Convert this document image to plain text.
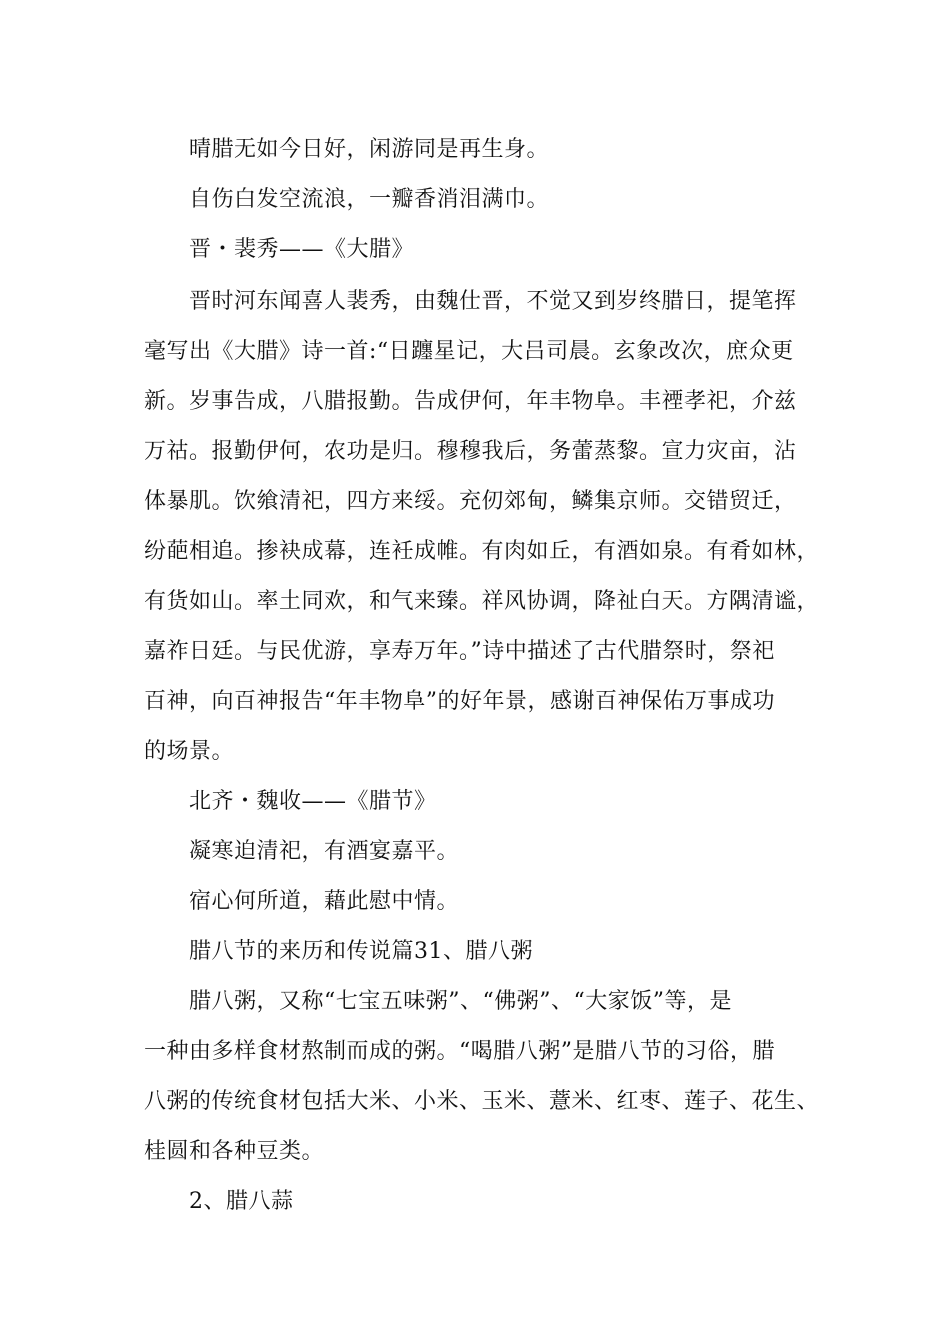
晴腊无如今日好，闲游同是再生身。
自伤白发空流浪，一瓣香消泪满巾。
晋・裴秀——《大腊》
晋时河东闻喜人裴秀，由魏仕晋，不觉又到岁终腊日，提笔挥
毫写出《大腊》诗一首:“日躔星记，大吕司晨。玄象改次，庶众更
新。岁事告成，八腊报勤。告成伊何，年丰物阜。丰禋孝祀，介兹
万祜。报勤伊何，农功是归。穆穆我后，务蕾蒸黎。宣力灾亩，沾
体暴肌。饮飨清祀，四方来绥。充仞郊甸，鳞集京师。交错贸迁，
纷葩相追。掺袂成幕，连衽成帷。有肉如丘，有酒如泉。有肴如林，
有货如山。率土同欢，和气来臻。祥风协调，降祉白天。方隅清谧，
嘉祚日廷。与民优游，享寿万年。”诗中描述了古代腊祭时，祭祀
百神，向百神报告“年丰物阜”的好年景，感谢百神保佑万事成功
的场景。
北齐・魏收——《腊节》
凝寒迫清祀，有酒宴嘉平。
宿心何所道，藉此慰中情。
腊八节的来历和传说篇31、腊八粥
腊八粥，又称“七宝五味粥”、“佛粥”、“大家饭”等，是
一种由多样食材熬制而成的粥。“喝腊八粥”是腊八节的习俗，腊
八粥的传统食材包括大米、小米、玉米、薏米、红枣、莲子、花生、
桂圆和各种豆类。
2、腊八蒜
